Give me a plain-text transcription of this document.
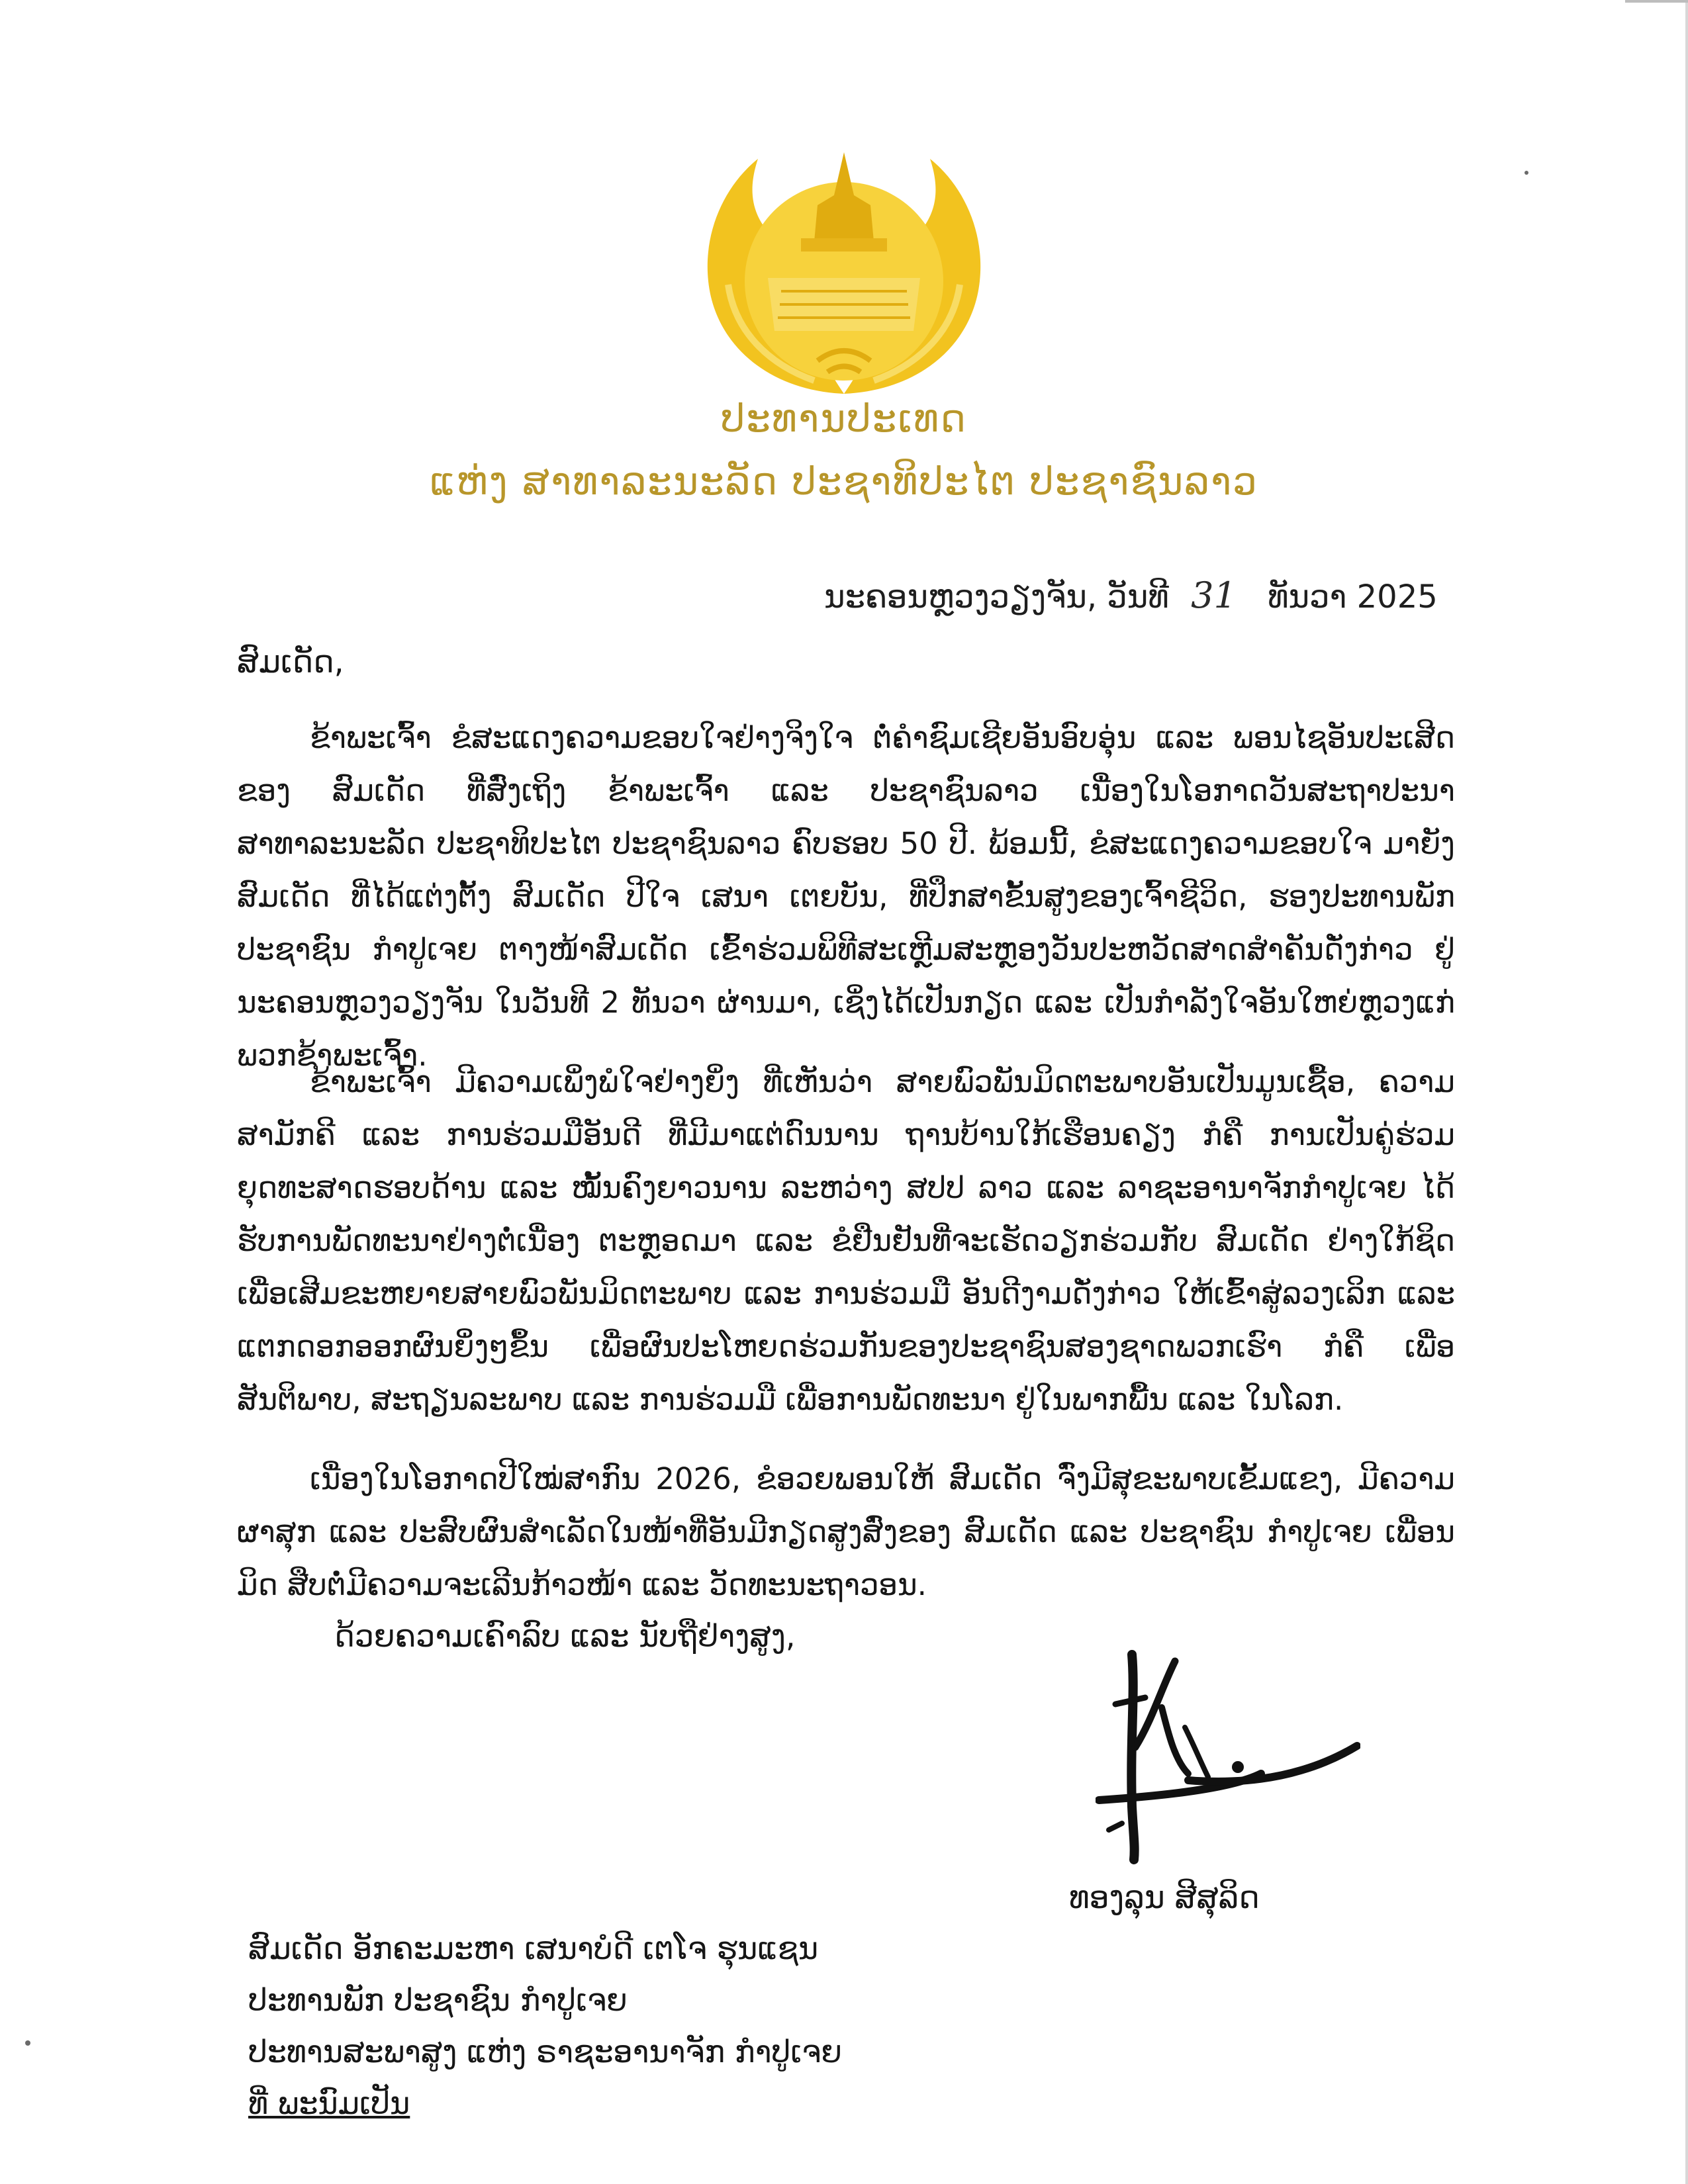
ປະທານປະເທດ
ແຫ່ງ ສາທາລະນະລັດ ປະຊາທິປະໄຕ ປະຊາຊົນລາວ
ນະຄອນຫຼວງວຽງຈັນ, ວັນທີ 31 ທັນວາ 2025
ສົມເດັດ,

ຂ້າພະເຈົ້າ ຂໍສະແດງຄວາມຂອບໃຈຢ່າງຈິງໃຈ ຕໍ່ຄໍາຊົມເຊີຍອັນອົບອຸ່ນ ແລະ ພອນໄຊອັນປະເສີດ ຂອງ ສົມເດັດ ທີ່ສົ່ງເຖິງ ຂ້າພະເຈົ້າ ແລະ ປະຊາຊົນລາວ ເນື່ອງໃນໂອກາດວັນສະຖາປະນາ ສາທາລະນະລັດ ປະຊາທິປະໄຕ ປະຊາຊົນລາວ ຄົບຮອບ 50 ປີ. ພ້ອມນີ້, ຂໍສະແດງຄວາມຂອບໃຈ ມາຍັງ ສົມເດັດ ທີ່ໄດ້ແຕ່ງຕັ້ງ ສົມເດັດ ປີໃຈ ເສນາ ເຕຍບັນ, ທີ່ປຶກສາຂັ້ນສູງຂອງເຈົ້າຊີວິດ, ຮອງປະທານພັກປະຊາຊົນ ກໍາປູເຈຍ ຕາງໜ້າສົມເດັດ ເຂົ້າຮ່ວມພິທີສະເຫຼີມສະຫຼອງວັນປະຫວັດສາດສໍາຄັນດັ່ງກ່າວ ຢູ່ ນະຄອນຫຼວງວຽງຈັນ ໃນວັນທີ 2 ທັນວາ ຜ່ານມາ, ເຊິ່ງໄດ້ເປັນກຽດ ແລະ ເປັນກໍາລັງໃຈອັນໃຫຍ່ຫຼວງແກ່ພວກຂ້າພະເຈົ້າ.

ຂ້າພະເຈົ້າ ມີຄວາມເພິ່ງພໍໃຈຢ່າງຍິ່ງ ທີ່ເຫັນວ່າ ສາຍພົວພັນມິດຕະພາບອັນເປັນມູນເຊື້ອ, ຄວາມສາມັກຄີ ແລະ ການຮ່ວມມືອັນດີ ທີ່ມີມາແຕ່ດົນນານ ຖານບ້ານໃກ້ເຮືອນຄຽງ ກໍຄື ການເປັນຄູ່ຮ່ວມຍຸດທະສາດຮອບດ້ານ ແລະ ໝັ້ນຄົງຍາວນານ ລະຫວ່າງ ສປປ ລາວ ແລະ ລາຊະອານາຈັກກໍາປູເຈຍ ໄດ້ຮັບການພັດທະນາຢ່າງຕໍ່ເນື່ອງ ຕະຫຼອດມາ ແລະ ຂໍຢືນຢັນທີ່ຈະເຮັດວຽກຮ່ວມກັບ ສົມເດັດ ຢ່າງໃກ້ຊິດ ເພື່ອເສີມຂະຫຍາຍສາຍພົວພັນມິດຕະພາບ ແລະ ການຮ່ວມມື ອັນດີງາມດັ່ງກ່າວ ໃຫ້ເຂົ້າສູ່ລວງເລິກ ແລະ ແຕກດອກອອກຜົນຍິ່ງໆຂຶ້ນ ເພື່ອຜົນປະໂຫຍດຮ່ວມກັນຂອງປະຊາຊົນສອງຊາດພວກເຮົາ ກໍຄື ເພື່ອສັນຕິພາບ, ສະຖຽນລະພາບ ແລະ ການຮ່ວມມື ເພື່ອການພັດທະນາ ຢູ່ໃນພາກພື້ນ ແລະ ໃນໂລກ.

ເນື່ອງໃນໂອກາດປີໃໝ່ສາກົນ 2026, ຂໍອວຍພອນໃຫ້ ສົມເດັດ ຈົ່ງມີສຸຂະພາບເຂັ້ມແຂງ, ມີຄວາມຜາສຸກ ແລະ ປະສົບຜົນສໍາເລັດໃນໜ້າທີ່ອັນມີກຽດສູງສົ່ງຂອງ ສົມເດັດ ແລະ ປະຊາຊົນ ກໍາປູເຈຍ ເພື່ອນມິດ ສືບຕໍ່ມີຄວາມຈະເລີນກ້າວໜ້າ ແລະ ວັດທະນະຖາວອນ.

ດ້ວຍຄວາມເຄົາລົບ ແລະ ນັບຖືຢ່າງສູງ,
ທອງລຸນ ສີສຸລິດ
ສົມເດັດ ອັກຄະມະຫາ ເສນາບໍດີ ເຕໂຈ ຮຸນແຊນ
ປະທານພັກ ປະຊາຊົນ ກໍາປູເຈຍ
ປະທານສະພາສູງ ແຫ່ງ ຣາຊະອານາຈັກ ກໍາປູເຈຍ
ທີ່ ພະນົມເປັນ
